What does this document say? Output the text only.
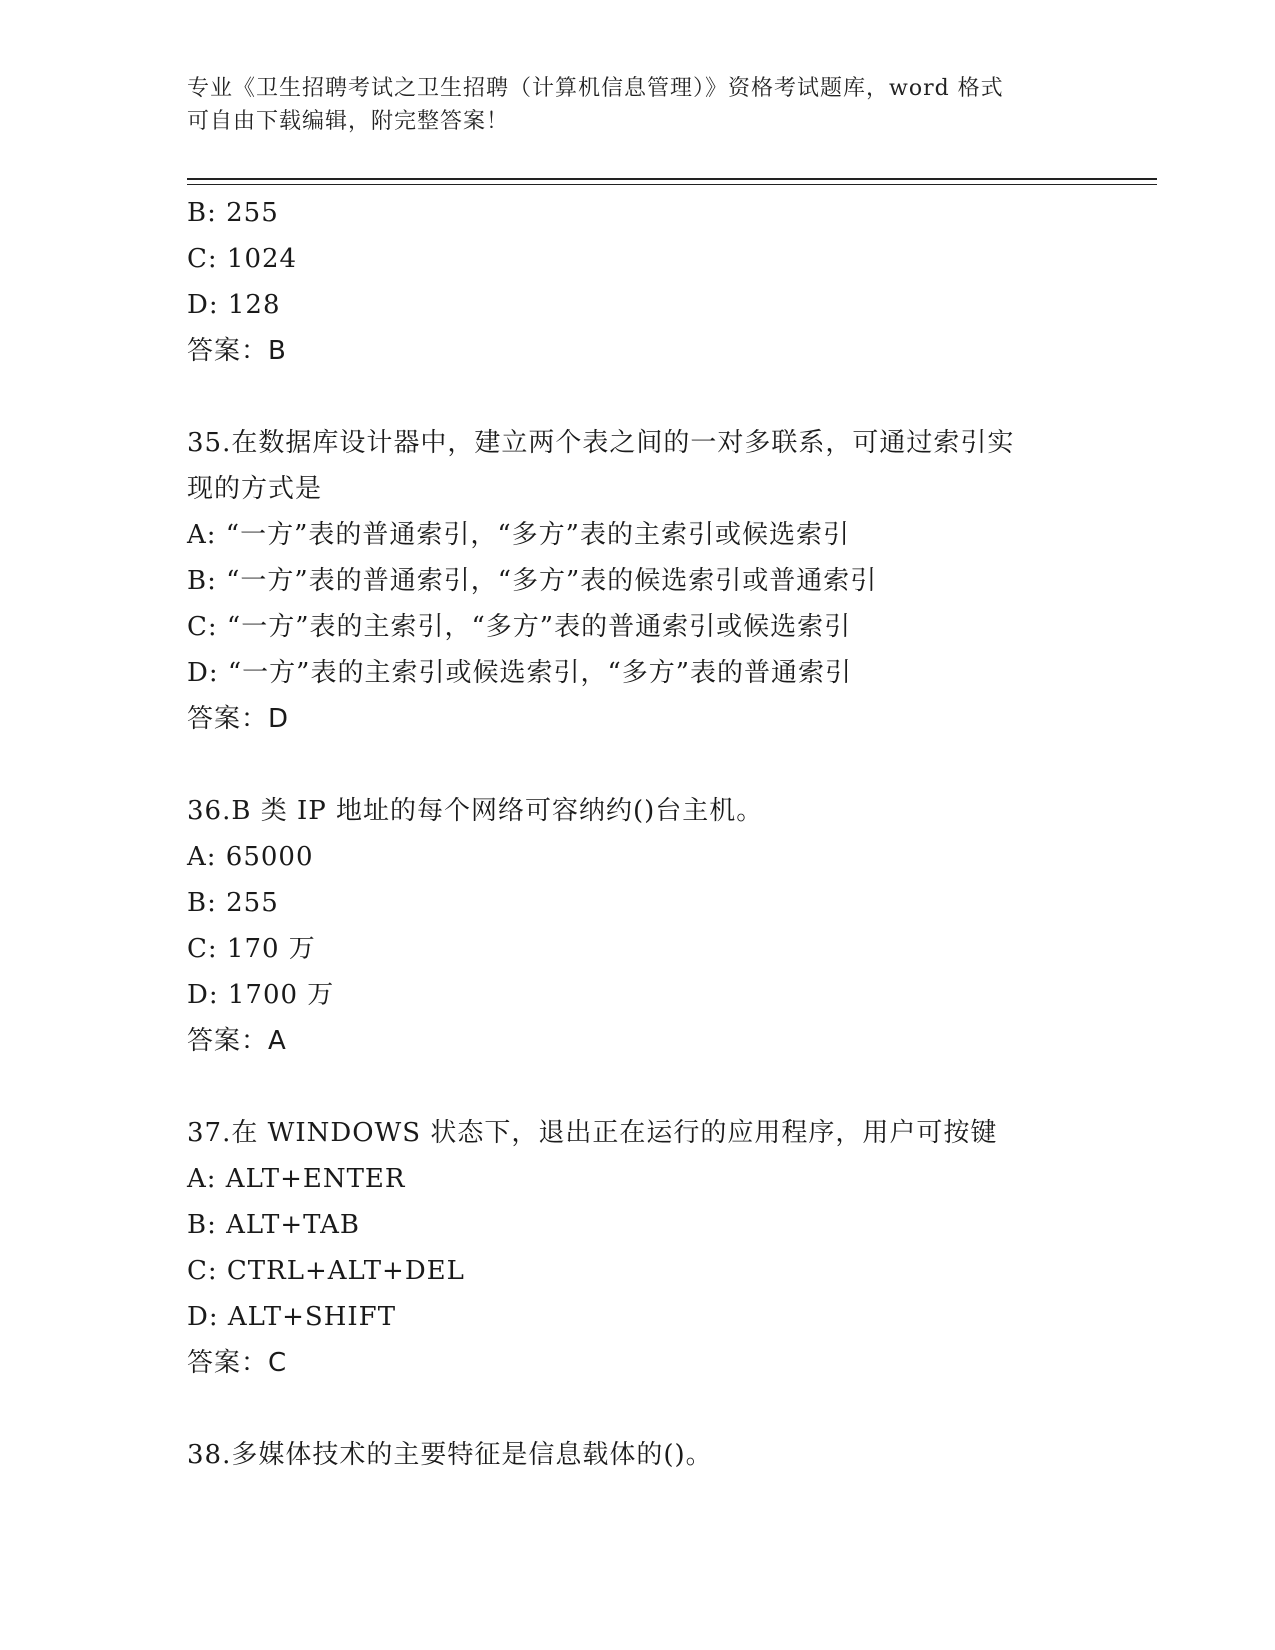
专业《卫生招聘考试之卫生招聘（计算机信息管理）》资格考试题库，word 格式
可自由下载编辑，附完整答案！
B: 255
C: 1024
D: 128
答案：B
35.在数据库设计器中，建立两个表之间的一对多联系，可通过索引实
现的方式是
A: “一方”表的普通索引，“多方”表的主索引或候选索引
B: “一方”表的普通索引，“多方”表的候选索引或普通索引
C: “一方”表的主索引，“多方”表的普通索引或候选索引
D: “一方”表的主索引或候选索引，“多方”表的普通索引
答案：D
36.B 类 IP 地址的每个网络可容纳约()台主机。
A: 65000
B: 255
C: 170 万
D: 1700 万
答案：A
37.在 WINDOWS 状态下，退出正在运行的应用程序，用户可按键
A: ALT+ENTER
B: ALT+TAB
C: CTRL+ALT+DEL
D: ALT+SHIFT
答案：C
38.多媒体技术的主要特征是信息载体的()。
